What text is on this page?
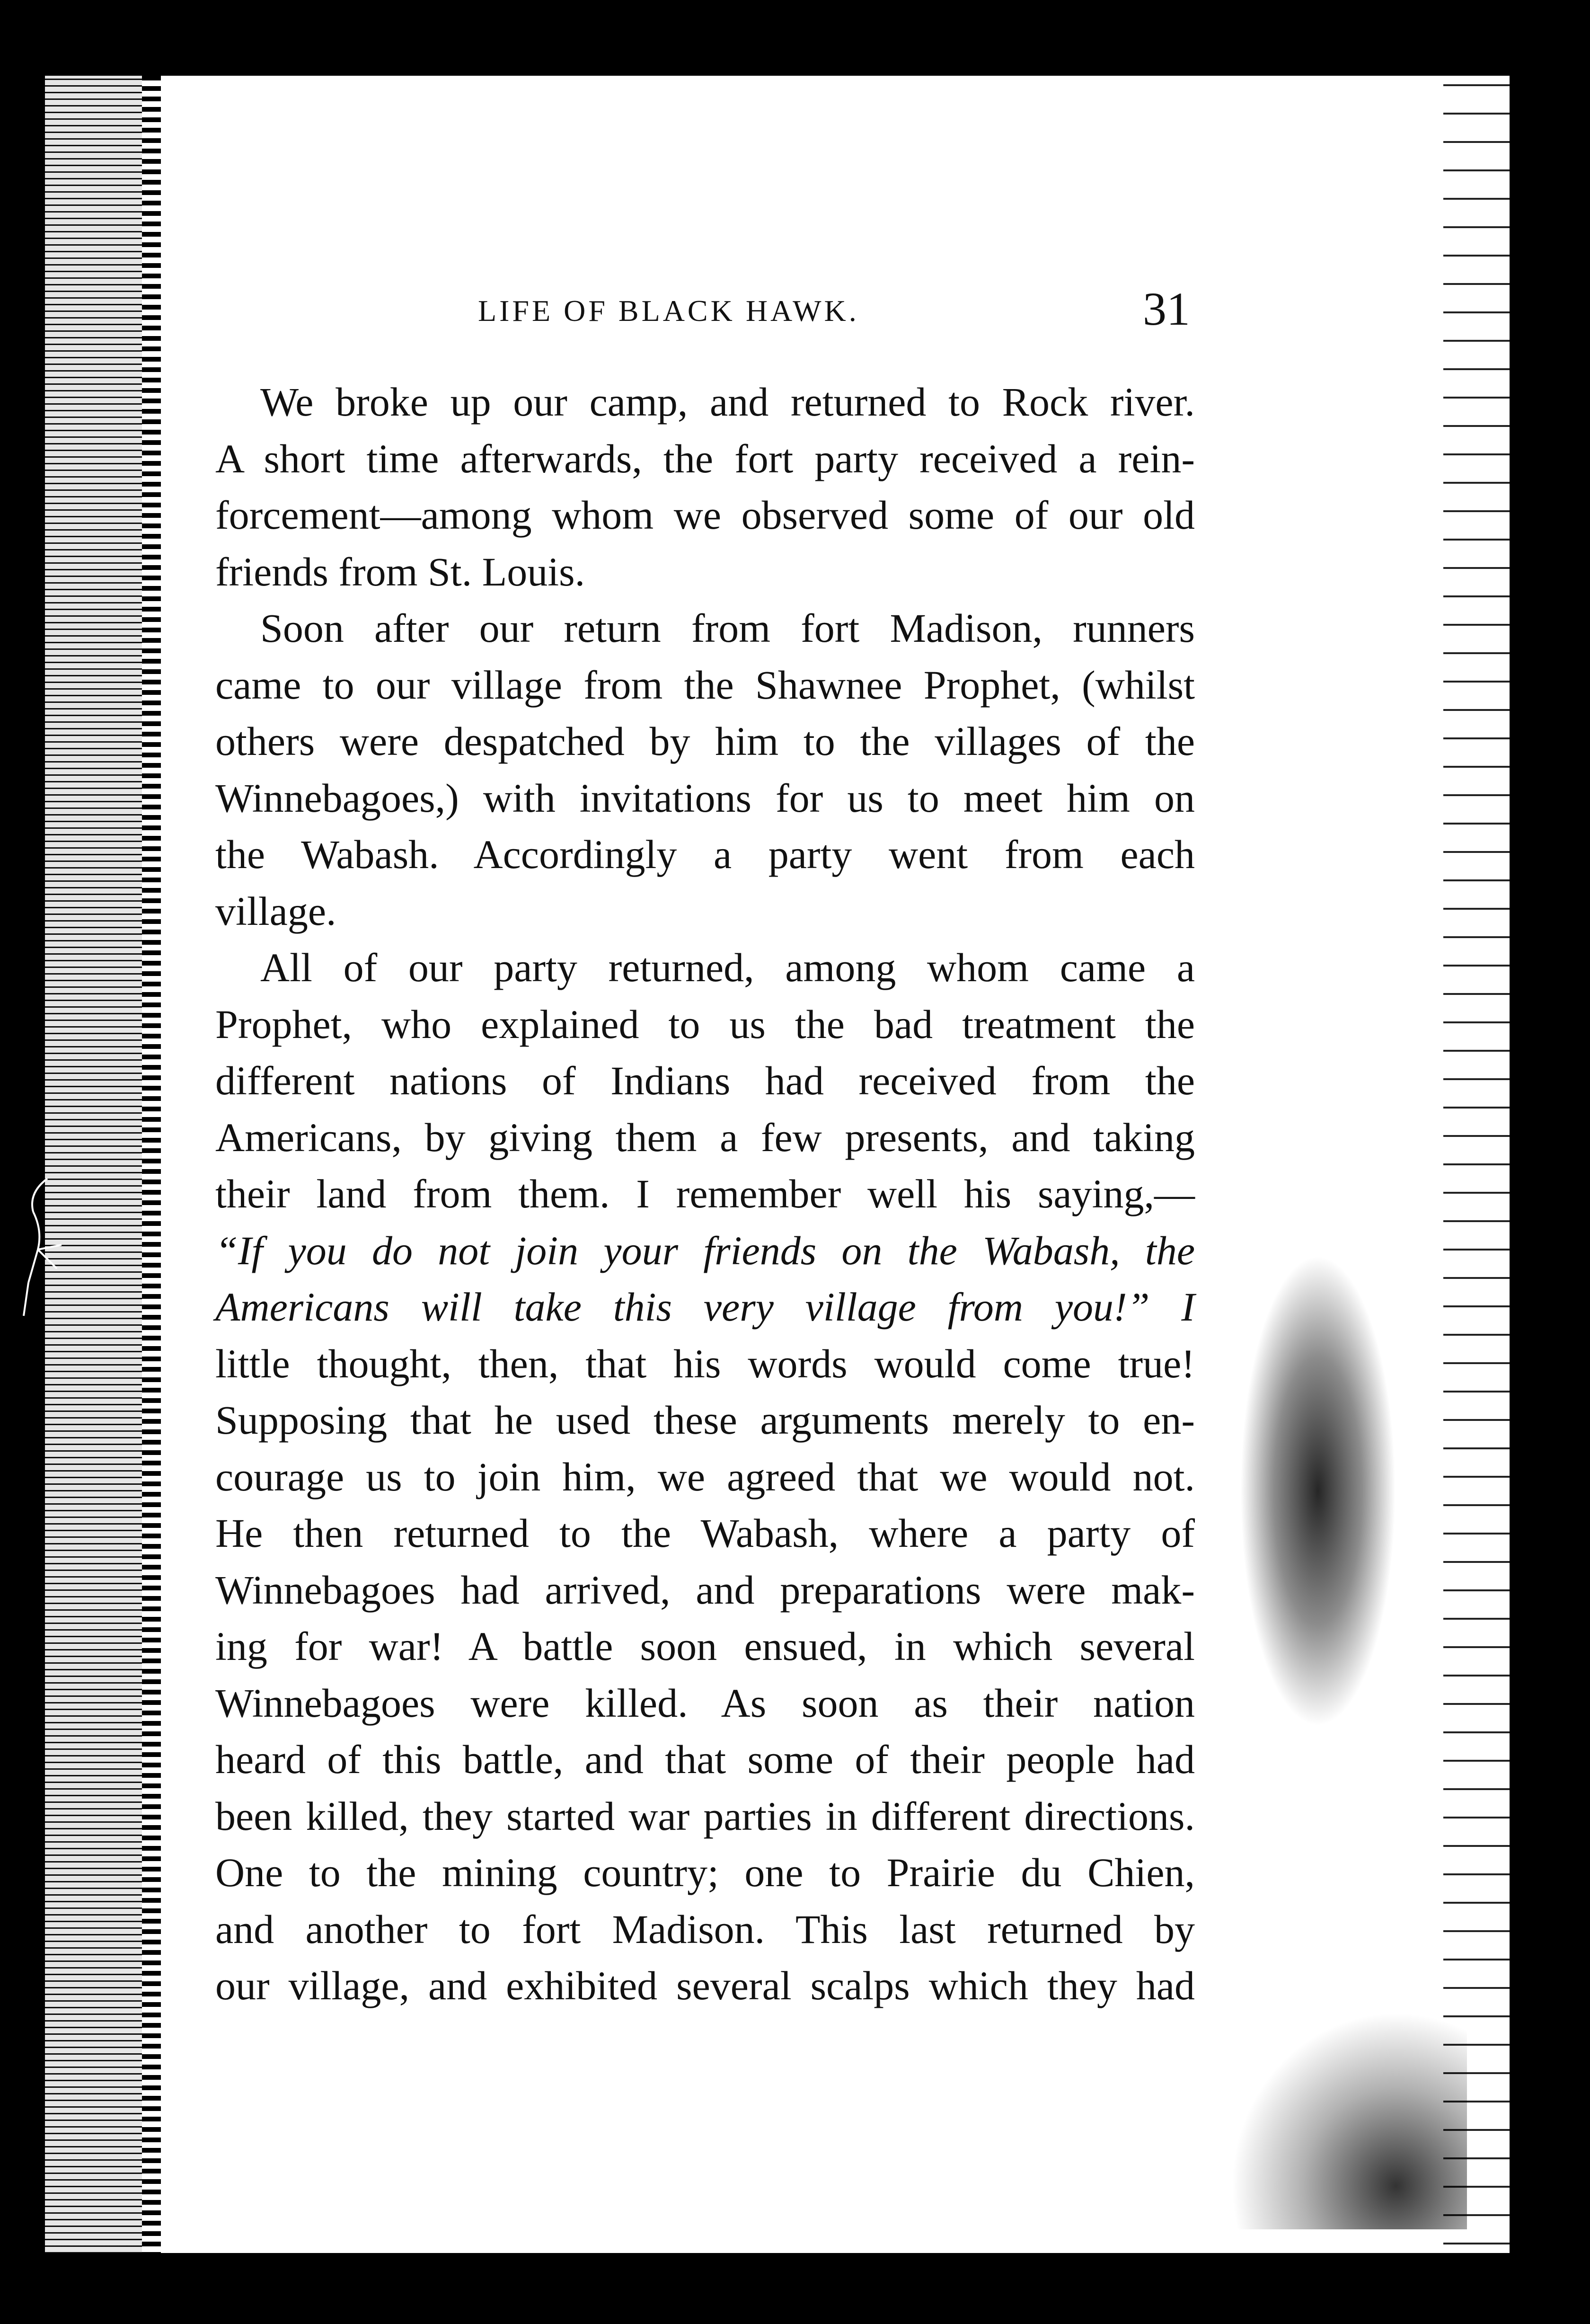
LIFE OF BLACK HAWK.	31
We broke up our camp, and returned to Rock river.
A short time afterwards, the fort party received a rein-
forcement—among whom we observed some of our old
friends from St. Louis.
Soon after our return from fort Madison, runners
came to our village from the Shawnee Prophet, (whilst
others were despatched by him to the villages of the
Winnebagoes,) with invitations for us to meet him on
the Wabash. Accordingly a party went from each
village.
All of our party returned, among whom came a
Prophet, who explained to us the bad treatment the
different nations of Indians had received from the
Americans, by giving them a few presents, and taking
their land from them. I remember well his saying,—
“If you do not join your friends on the Wabash, the
Americans will take this very village from you!” I
little thought, then, that his words would come true!
Supposing that he used these arguments merely to en-
courage us to join him, we agreed that we would not.
He then returned to the Wabash, where a party of
Winnebagoes had arrived, and preparations were mak-
ing for war! A battle soon ensued, in which several
Winnebagoes were killed. As soon as their nation
heard of this battle, and that some of their people had
been killed, they started war parties in different directions.
One to the mining country; one to Prairie du Chien,
and another to fort Madison. This last returned by
our village, and exhibited several scalps which they had
